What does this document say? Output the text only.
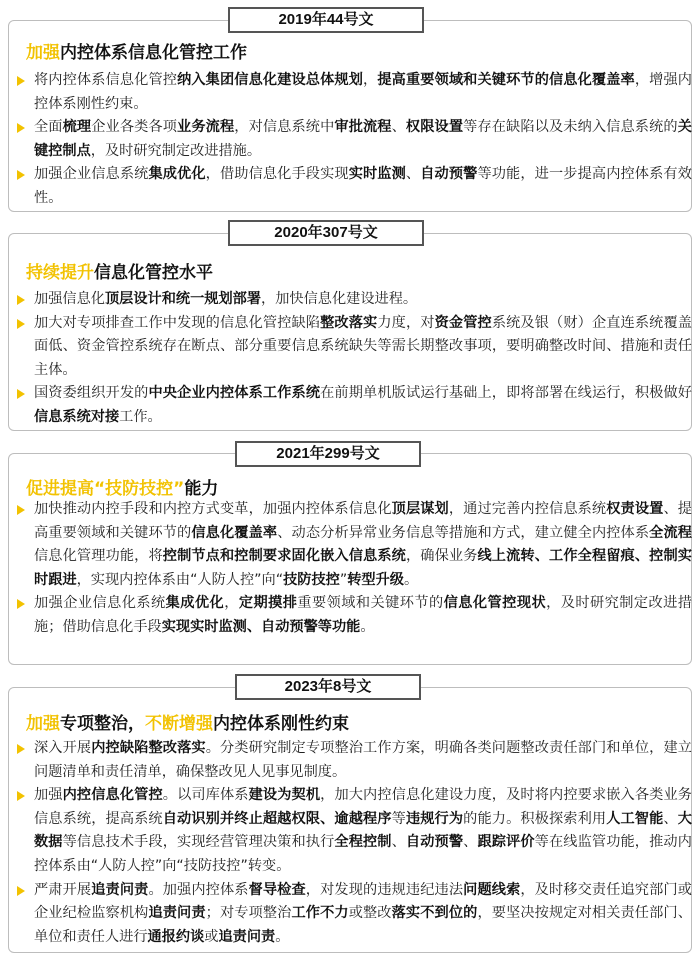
2019年44号文
加强内控体系信息化管控工作
将内控体系信息化管控纳入集团信息化建设总体规划，提高重要领域和关键环节的信息化覆盖率，增强内控体系刚性约束。
全面梳理企业各类各项业务流程，对信息系统中审批流程、权限设置等存在缺陷以及未纳入信息系统的关键控制点，及时研究制定改进措施。
加强企业信息系统集成优化，借助信息化手段实现实时监测、自动预警等功能，进一步提高内控体系有效性。
2020年307号文
持续提升信息化管控水平
加强信息化顶层设计和统一规划部署，加快信息化建设进程。
加大对专项排查工作中发现的信息化管控缺陷整改落实力度，对资金管控系统及银（财）企直连系统覆盖面低、资金管控系统存在断点、部分重要信息系统缺失等需长期整改事项，要明确整改时间、措施和责任主体。
国资委组织开发的中央企业内控体系工作系统在前期单机版试运行基础上，即将部署在线运行，积极做好信息系统对接工作。
2021年299号文
促进提高“技防技控”能力
加快推动内控手段和内控方式变革，加强内控体系信息化顶层谋划，通过完善内控信息系统权责设置、提高重要领域和关键环节的信息化覆盖率、动态分析异常业务信息等措施和方式，建立健全内控体系全流程信息化管理功能，将控制节点和控制要求固化嵌入信息系统，确保业务线上流转、工作全程留痕、控制实时跟进，实现内控体系由“人防人控”向“技防技控”转型升级。
加强企业信息化系统集成优化，定期摸排重要领域和关键环节的信息化管控现状，及时研究制定改进措施；借助信息化手段实现实时监测、自动预警等功能。
2023年8号文
加强专项整治，不断增强内控体系刚性约束
深入开展内控缺陷整改落实。分类研究制定专项整治工作方案，明确各类问题整改责任部门和单位，建立问题清单和责任清单，确保整改见人见事见制度。
加强内控信息化管控。以司库体系建设为契机，加大内控信息化建设力度，及时将内控要求嵌入各类业务信息系统，提高系统自动识别并终止超越权限、逾越程序等违规行为的能力。积极探索利用人工智能、大数据等信息技术手段，实现经营管理决策和执行全程控制、自动预警、跟踪评价等在线监管功能，推动内控体系由“人防人控”向“技防技控”转变。
严肃开展追责问责。加强内控体系督导检查，对发现的违规违纪违法问题线索，及时移交责任追究部门或企业纪检监察机构追责问责；对专项整治工作不力或整改落实不到位的，要坚决按规定对相关责任部门、单位和责任人进行通报约谈或追责问责。
